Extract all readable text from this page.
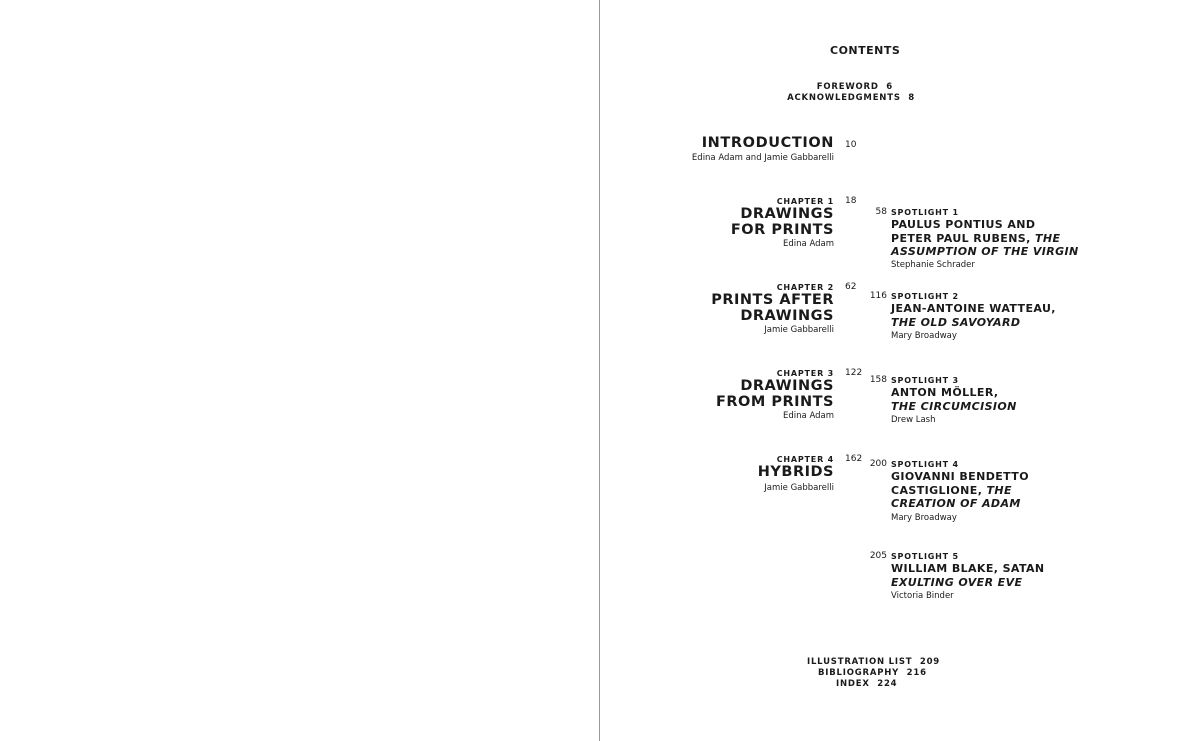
CONTENTS
FOREWORD 6
ACKNOWLEDGMENTS 8
INTRODUCTION 10
Edina Adam and Jamie Gabbarelli
CHAPTER 1 18
DRAWINGS
FOR PRINTS
Edina Adam
CHAPTER 2 62
PRINTS AFTER
DRAWINGS
Jamie Gabbarelli
CHAPTER 3 122
DRAWINGS
FROM PRINTS
Edina Adam
CHAPTER 4 162
HYBRIDS
Jamie Gabbarelli
58 SPOTLIGHT 1
PAULUS PONTIUS AND
PETER PAUL RUBENS, THE
ASSUMPTION OF THE VIRGIN
Stephanie Schrader
116 SPOTLIGHT 2
JEAN-ANTOINE WATTEAU,
THE OLD SAVOYARD
Mary Broadway
158 SPOTLIGHT 3
ANTON MÖLLER,
THE CIRCUMCISION
Drew Lash
200 SPOTLIGHT 4
GIOVANNI BENDETTO
CASTIGLIONE, THE
CREATION OF ADAM
Mary Broadway
205 SPOTLIGHT 5
WILLIAM BLAKE, SATAN
EXULTING OVER EVE
Victoria Binder
ILLUSTRATION LIST 209
BIBLIOGRAPHY 216
INDEX 224
